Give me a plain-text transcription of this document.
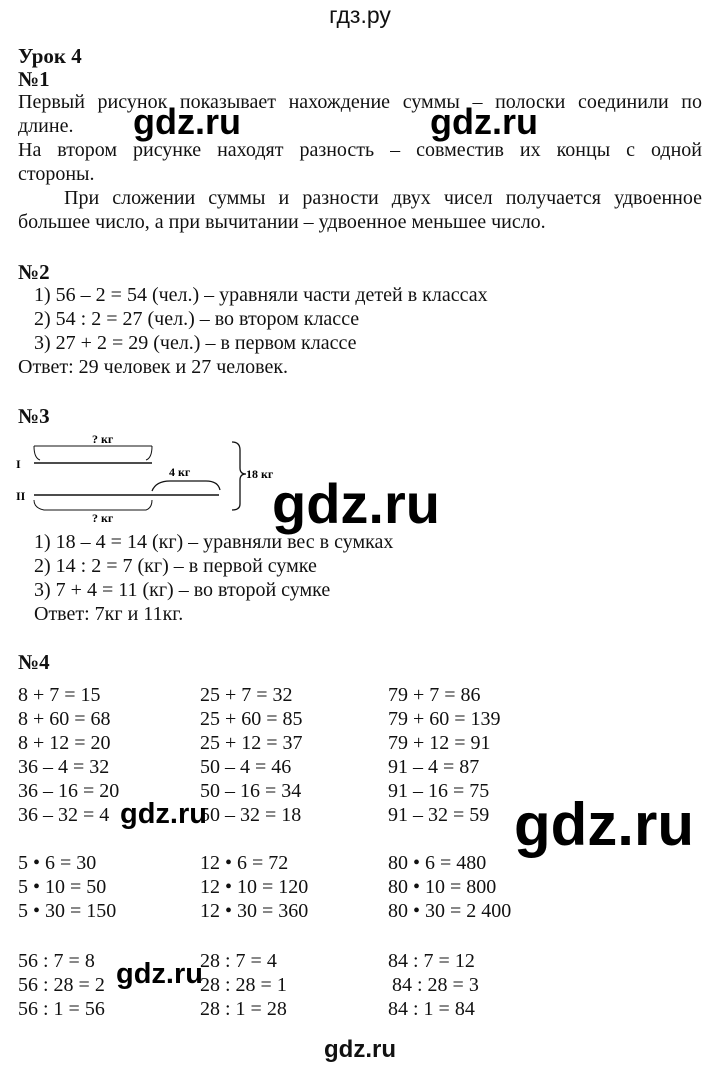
гдз.ру
Урок 4
№1
Первый рисунок показывает нахождение суммы – полоски соединили по
длине.
На втором рисунке находят разность – совместив их концы с одной
стороны.
При сложении суммы и разности двух чисел получается удвоенное
большее число, а при вычитании – удвоенное меньшее число.
№2
1) 56 – 2 = 54 (чел.) – уравняли части детей в классах
2) 54 : 2 = 27 (чел.) – во втором классе
3) 27 + 2 = 29 (чел.) – в первом классе
Ответ: 29 человек и 27 человек.
№3
? кг
I
II
4 кг
? кг
18 кг
1) 18 – 4 = 14 (кг) – уравняли вес в сумках
2) 14 : 2 = 7 (кг) – в первой сумке
3) 7 + 4 = 11 (кг) – во второй сумке
Ответ: 7кг и 11кг.
№4
8 + 7 = 15
8 + 60 = 68
8 + 12 = 20
36 – 4 = 32
36 – 16 = 20
36 – 32 = 4
5 • 6 = 30
5 • 10 = 50
5 • 30 = 150
56 : 7 = 8
56 : 28 = 2
56 : 1 = 56
25 + 7 = 32
25 + 60 = 85
25 + 12 = 37
50 – 4 = 46
50 – 16 = 34
50 – 32 = 18
12 • 6 = 72
12 • 10 = 120
12 • 30 = 360
28 : 7 = 4
28 : 28 = 1
28 : 1 = 28
79 + 7 = 86
79 + 60 = 139
79 + 12 = 91
91 – 4 = 87
91 – 16 = 75
91 – 32 = 59
80 • 6 = 480
80 • 10 = 800
80 • 30 = 2 400
84 : 7 = 12
84 : 28 = 3
84 : 1 = 84
gdz.ru	gdz.ru
gdz.ru
gdz.ru	gdz.ru
gdz.ru
gdz.ru
